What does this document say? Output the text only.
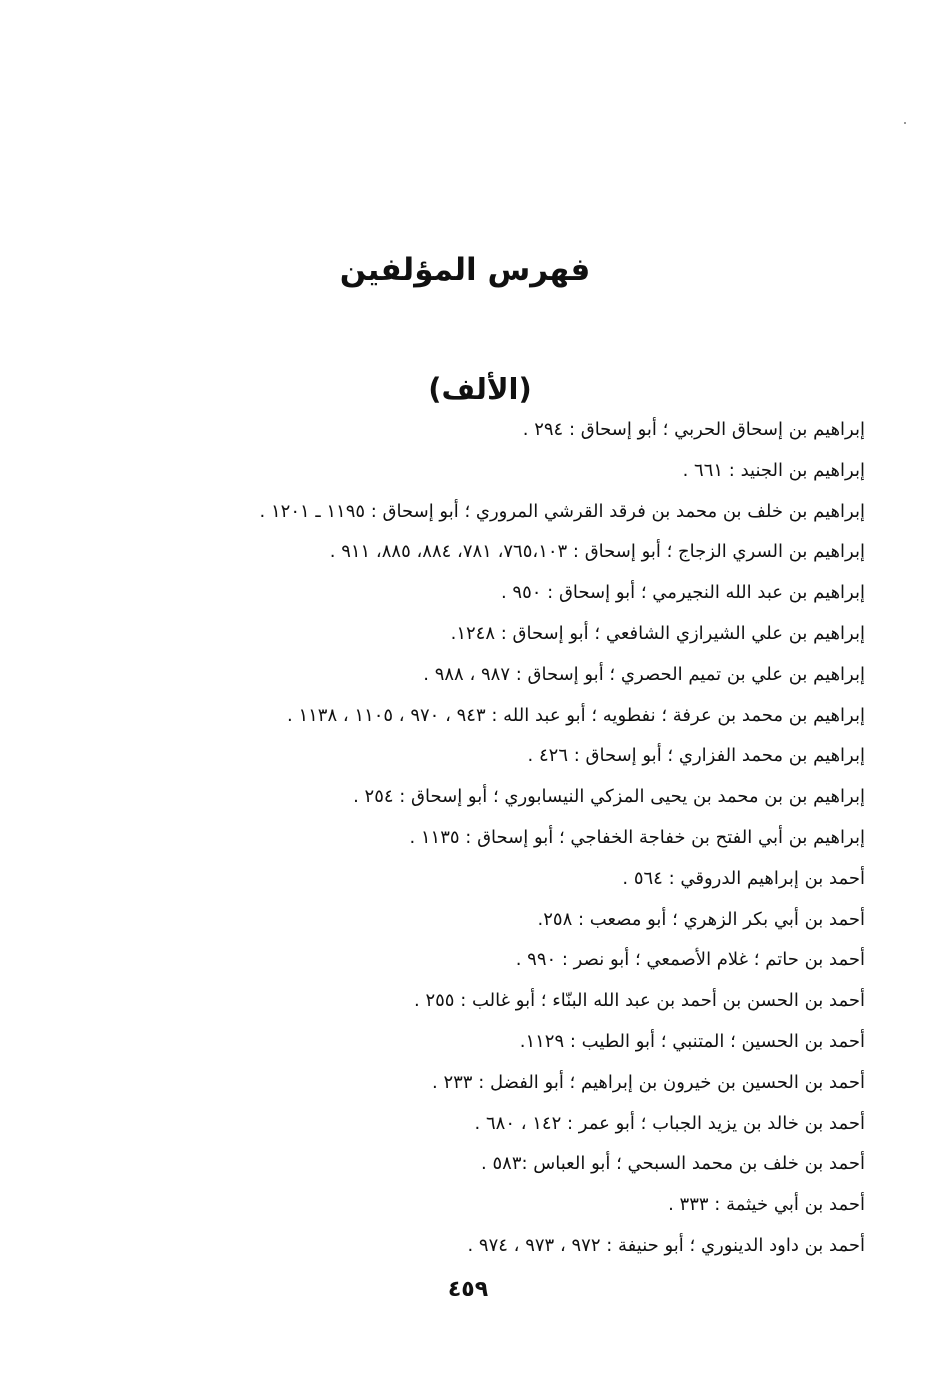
فهرس المؤلفين
(الألف)
إبراهيم بن إسحاق الحربي ؛ أبو إسحاق : ٢٩٤ .
إبراهيم بن الجنيد : ٦٦١ .
إبراهيم بن خلف بن محمد بن فرقد القرشي المروري ؛ أبو إسحاق : ١١٩٥ ـ ١٢٠١ .
إبراهيم بن السري الزجاج ؛ أبو إسحاق : ٧٦٥،١٠٣، ٧٨١، ٨٨٤، ٨٨٥، ٩١١ .
إبراهيم بن عبد الله النجيرمي ؛ أبو إسحاق : ٩٥٠ .
إبراهيم بن علي الشيرازي الشافعي ؛ أبو إسحاق : ١٢٤٨.
إبراهيم بن علي بن تميم الحصري ؛ أبو إسحاق : ٩٨٧ ، ٩٨٨ .
إبراهيم بن محمد بن عرفة ؛ نفطويه ؛ أبو عبد الله : ٩٤٣ ، ٩٧٠ ، ١١٠٥ ، ١١٣٨ .
إبراهيم بن محمد الفزاري ؛ أبو إسحاق : ٤٢٦ .
إبراهيم بن بن محمد بن يحيى المزكي النيسابوري ؛ أبو إسحاق : ٢٥٤ .
إبراهيم بن أبي الفتح بن خفاجة الخفاجي ؛ أبو إسحاق : ١١٣٥ .
أحمد بن إبراهيم الدروقي : ٥٦٤ .
أحمد بن أبي بكر الزهري ؛ أبو مصعب : ٢٥٨.
أحمد بن حاتم ؛ غلام الأصمعي ؛ أبو نصر : ٩٩٠ .
أحمد بن الحسن بن أحمد بن عبد الله البنّاء ؛ أبو غالب : ٢٥٥ .
أحمد بن الحسين ؛ المتنبي ؛ أبو الطيب : ١١٢٩.
أحمد بن الحسين بن خيرون بن إبراهيم ؛ أبو الفضل : ٢٣٣ .
أحمد بن خالد بن يزيد الجباب ؛ أبو عمر : ١٤٢ ، ٦٨٠ .
أحمد بن خلف بن محمد السبحي ؛ أبو العباس :٥٨٣ .
أحمد بن أبي خيثمة : ٣٣٣ .
أحمد بن داود الدينوري ؛ أبو حنيفة : ٩٧٢ ، ٩٧٣ ، ٩٧٤ .
٤٥٩
